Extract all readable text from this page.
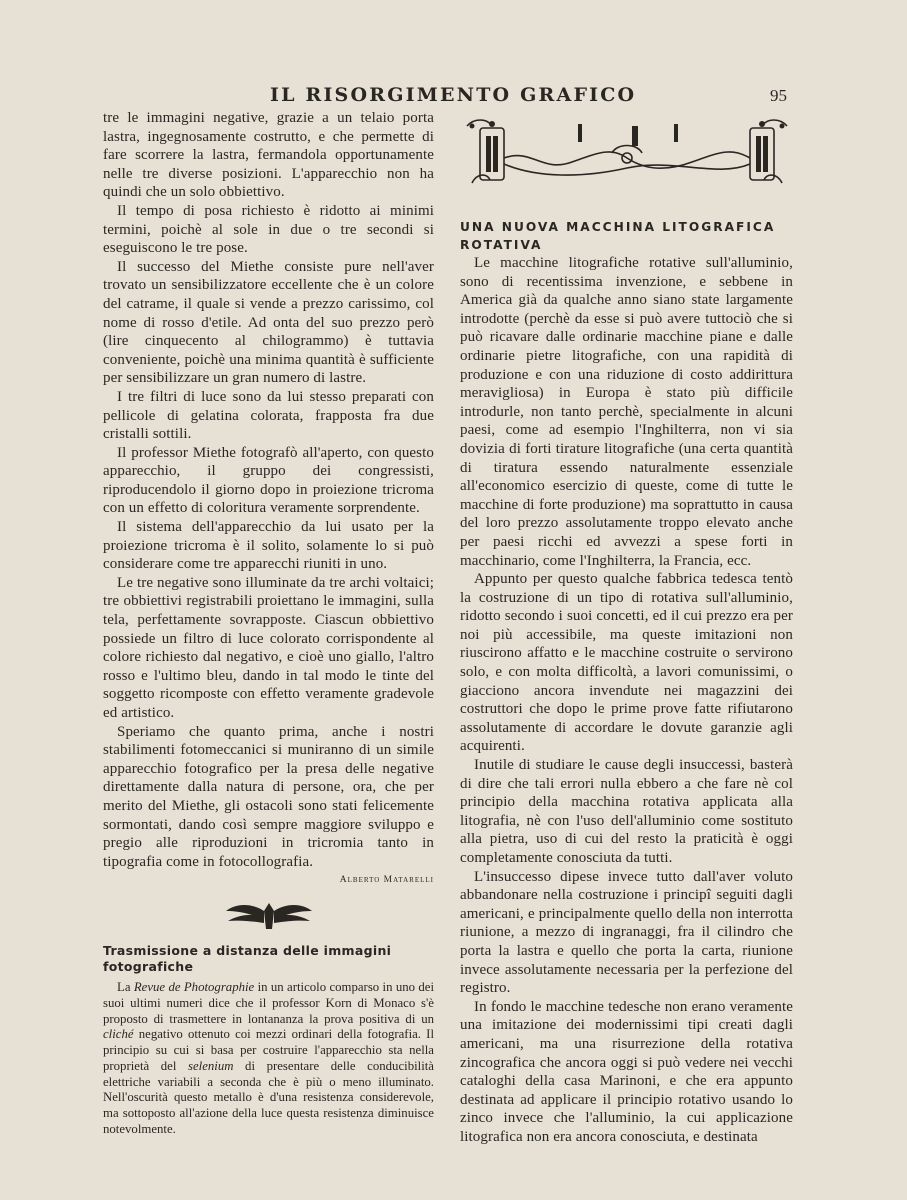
IL RISORGIMENTO GRAFICO	95
UNA NUOVA MACCHINA LITOGRAFICA ROTATIVA

tre le immagini negative, grazie a un telaio porta lastra, ingegnosamente costrutto, e che permette di fare scorrere la lastra, fermandola opportunamente nelle tre diverse posizioni. L'apparecchio non ha quindi che un solo obbiettivo.

Il tempo di posa richiesto è ridotto ai minimi termini, poichè al sole in due o tre secondi si eseguiscono le tre pose.

Il successo del Miethe consiste pure nell'aver trovato un sensibilizzatore eccellente che è un colore del catrame, il quale si vende a prezzo carissimo, col nome di rosso d'etile. Ad onta del suo prezzo però (lire cinquecento al chilogrammo) è tuttavia conveniente, poichè una minima quantità è sufficiente per sensibilizzare un gran numero di lastre.

I tre filtri di luce sono da lui stesso preparati con pellicole di gelatina colorata, frapposta fra due cristalli sottili.

Il professor Miethe fotografò all'aperto, con questo apparecchio, il gruppo dei congressisti, riproducendolo il giorno dopo in proiezione tricroma con un effetto di coloritura veramente sorprendente.

Il sistema dell'apparecchio da lui usato per la proiezione tricroma è il solito, solamente lo si può considerare come tre apparecchi riuniti in uno.

Le tre negative sono illuminate da tre archi voltaici; tre obbiettivi registrabili proiettano le immagini, sulla tela, perfettamente sovrapposte. Ciascun obbiettivo possiede un filtro di luce colorato corrispondente al colore richiesto dal negativo, e cioè uno giallo, l'altro rosso e l'ultimo bleu, dando in tal modo le tinte del soggetto ricomposte con effetto veramente gradevole ed artistico.

Speriamo che quanto prima, anche i nostri stabilimenti fotomeccanici si muniranno di un simile apparecchio fotografico per la presa delle negative direttamente dalla natura di persone, ora, che per merito del Miethe, gli ostacoli sono stati felicemente sormontati, dando così sempre maggiore sviluppo e pregio alle riproduzioni in tricromia tanto in tipografia come in fotocollografia.

Alberto Matarelli

Trasmissione a distanza delle immagini fotografiche

La Revue de Photographie in un articolo comparso in uno dei suoi ultimi numeri dice che il professor Korn di Monaco s'è proposto di trasmettere in lontananza la prova positiva di un cliché negativo ottenuto coi mezzi ordinari della fotografia. Il principio su cui si basa per costruire l'apparecchio sta nella proprietà del selenium di presentare delle conducibilità elettriche variabili a seconda che è più o meno illuminato. Nell'oscurità questo metallo è d'una resistenza considerevole, ma sottoposto all'azione della luce questa resistenza diminuisce notevolmente.

Le macchine litografiche rotative sull'alluminio, sono di recentissima invenzione, e sebbene in America già da qualche anno siano state largamente introdotte (perchè da esse si può avere tuttociò che si può ricavare dalle ordinarie macchine piane e dalle ordinarie pietre litografiche, con una rapidità di produzione e con una riduzione di costo addirittura meravigliosa) in Europa è stato più difficile introdurle, non tanto perchè, specialmente in alcuni paesi, come ad esempio l'Inghilterra, non vi sia dovizia di forti tirature litografiche (una certa quantità di tiratura essendo naturalmente essenziale all'economico esercizio di queste, come di tutte le macchine di forte produzione) ma soprattutto in causa del loro prezzo assolutamente troppo elevato anche per paesi ricchi ed avvezzi a spese forti in macchinario, come l'Inghilterra, la Francia, ecc.

Appunto per questo qualche fabbrica tedesca tentò la costruzione di un tipo di rotativa sull'alluminio, ridotto secondo i suoi concetti, ed il cui prezzo era per noi più accessibile, ma queste imitazioni non riuscirono affatto e le macchine costruite o servirono solo, e con molta difficoltà, a lavori comunissimi, o giacciono ancora invendute nei magazzini dei costruttori che dopo le prime prove fatte rifiutarono assolutamente di accordare le dovute garanzie agli acquirenti.

Inutile di studiare le cause degli insuccessi, basterà di dire che tali errori nulla ebbero a che fare nè col principio della macchina rotativa applicata alla litografia, nè con l'uso dell'alluminio come sostituto alla pietra, uso di cui del resto la praticità è oggi completamente conosciuta da tutti.

L'insuccesso dipese invece tutto dall'aver voluto abbandonare nella costruzione i principî seguiti dagli americani, e principalmente quello della non interrotta riunione, a mezzo di ingranaggi, fra il cilindro che porta la lastra e quello che porta la carta, riunione invece assolutamente necessaria per la perfezione del registro.

In fondo le macchine tedesche non erano veramente una imitazione dei modernissimi tipi creati dagli americani, ma una risurrezione della rotativa zincografica che ancora oggi si può vedere nei vecchi cataloghi della casa Marinoni, e che era appunto destinata ad applicare il principio rotativo usando lo zinco invece che l'alluminio, la cui applicazione litografica non era ancora conosciuta, e destinata
